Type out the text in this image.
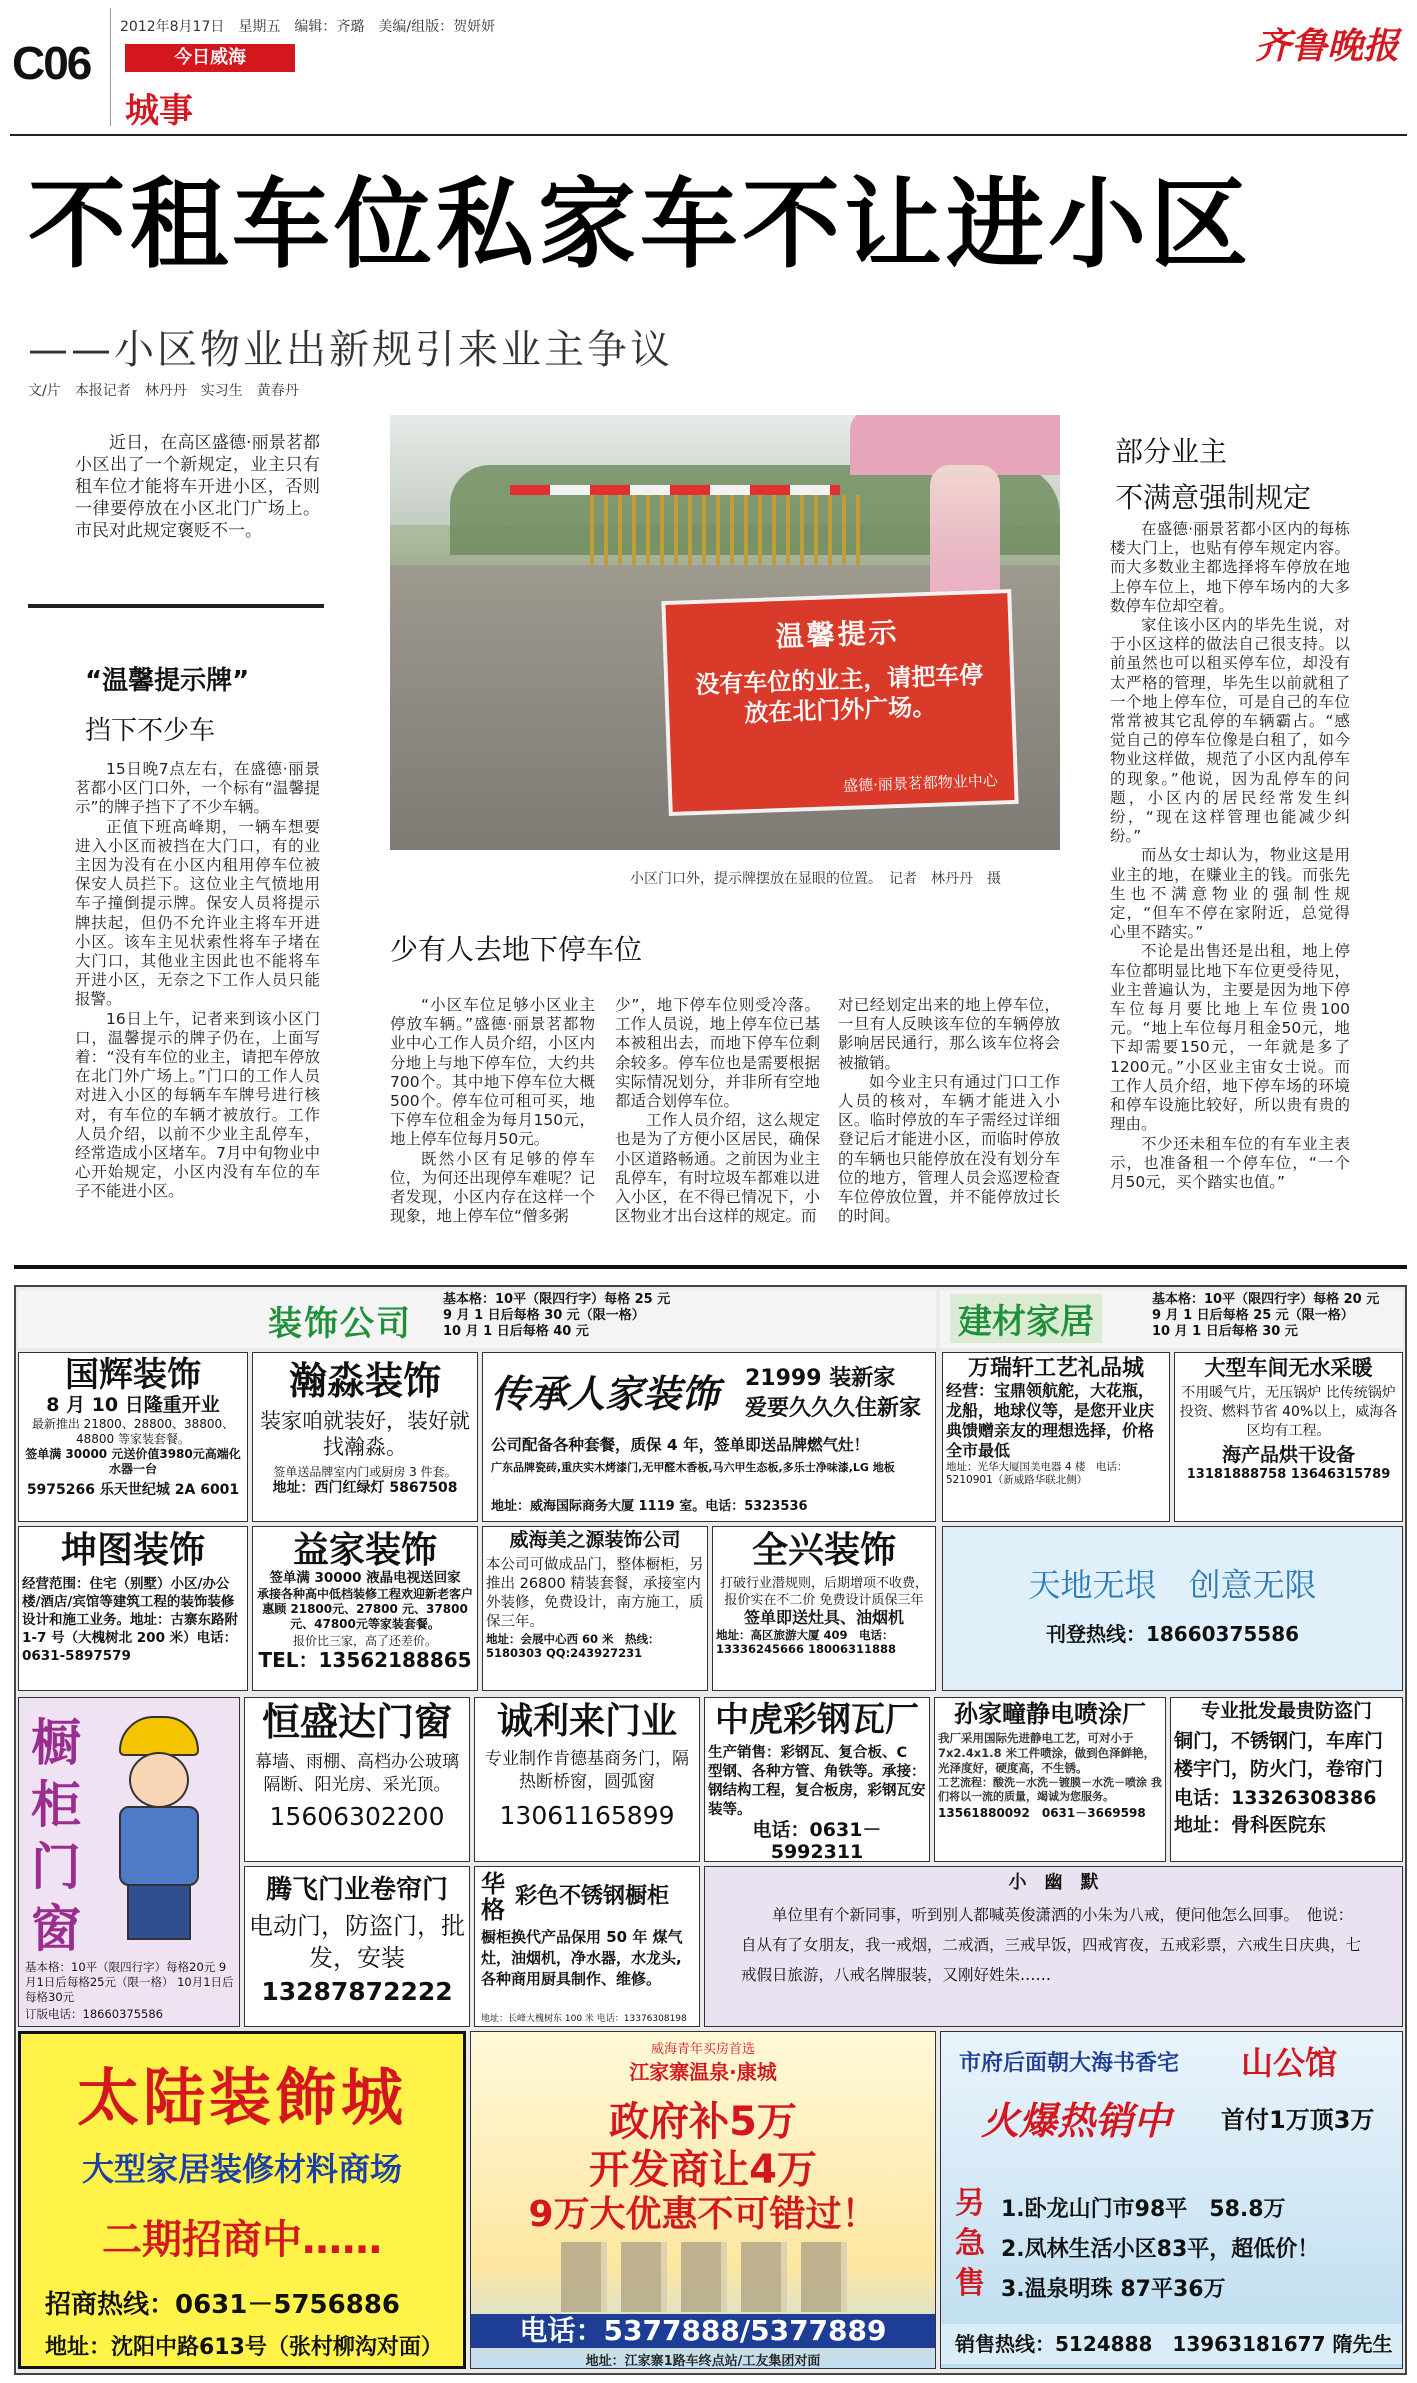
C06
2012年8月17日　星期五　编辑：齐璐　美编/组版：贺妍妍
今日威海
城事
齐鲁晚报
不租车位私家车不让进小区
——小区物业出新规引来业主争议
文/片　本报记者　林丹丹　实习生　黄春丹

近日，在高区盛德·丽景茗都小区出了一个新规定，业主只有租车位才能将车开进小区，否则一律要停放在小区北门广场上。市民对此规定褒贬不一。

“温馨提示牌”
挡下不少车

15日晚7点左右，在盛德·丽景茗都小区门口外，一个标有“温馨提示”的牌子挡下了不少车辆。

正值下班高峰期，一辆车想要进入小区而被挡在大门口，有的业主因为没有在小区内租用停车位被保安人员拦下。这位业主气愤地用车子撞倒提示牌。保安人员将提示牌扶起，但仍不允许业主将车开进小区。该车主见状索性将车子堵在大门口，其他业主因此也不能将车开进小区，无奈之下工作人员只能报警。

16日上午，记者来到该小区门口，温馨提示的牌子仍在，上面写着：“没有车位的业主，请把车停放在北门外广场上。”门口的工作人员对进入小区的每辆车车牌号进行核对，有车位的车辆才被放行。工作人员介绍，以前不少业主乱停车，经常造成小区堵车。7月中旬物业中心开始规定，小区内没有车位的车子不能进小区。

温馨提示
没有车位的业主，请把车停放在北门外广场。
盛德·丽景茗都物业中心
小区门口外，提示牌摆放在显眼的位置。　记者　林丹丹　摄
少有人去地下停车位

“小区车位足够小区业主停放车辆。”盛德·丽景茗都物业中心工作人员介绍，小区内分地上与地下停车位，大约共700个。其中地下停车位大概500个。停车位可租可买，地下停车位租金为每月150元，地上停车位每月50元。

既然小区有足够的停车位，为何还出现停车难呢？记者发现，小区内存在这样一个现象，地上停车位“僧多粥

少”，地下停车位则受冷落。工作人员说，地上停车位已基本被租出去，而地下停车位剩余较多。停车位也是需要根据实际情况划分，并非所有空地都适合划停车位。

工作人员介绍，这么规定也是为了方便小区居民，确保小区道路畅通。之前因为业主乱停车，有时垃圾车都难以进入小区，在不得已情况下，小区物业才出台这样的规定。而

对已经划定出来的地上停车位，一旦有人反映该车位的车辆停放影响居民通行，那么该车位将会被撤销。

如今业主只有通过门口工作人员的核对，车辆才能进入小区。临时停放的车子需经过详细登记后才能进小区，而临时停放的车辆也只能停放在没有划分车位的地方，管理人员会巡逻检查车位停放位置，并不能停放过长的时间。

部分业主
不满意强制规定

在盛德·丽景茗都小区内的每栋楼大门上，也贴有停车规定内容。而大多数业主都选择将车停放在地上停车位上，地下停车场内的大多数停车位却空着。

家住该小区内的毕先生说，对于小区这样的做法自己很支持。以前虽然也可以租买停车位，却没有太严格的管理，毕先生以前就租了一个地上停车位，可是自己的车位常常被其它乱停的车辆霸占。“感觉自己的停车位像是白租了，如今物业这样做，规范了小区内乱停车的现象。”他说，因为乱停车的问题，小区内的居民经常发生纠纷，“现在这样管理也能减少纠纷。”

而丛女士却认为，物业这是用业主的地，在赚业主的钱。而张先生也不满意物业的强制性规定，“但车不停在家附近，总觉得心里不踏实。”

不论是出售还是出租，地上停车位都明显比地下车位更受待见，业主普遍认为，主要是因为地下停车位每月要比地上车位贵100元。“地上车位每月租金50元，地下却需要150元，一年就是多了1200元。”小区业主宙女士说。而工作人员介绍，地下停车场的环境和停车设施比较好，所以贵有贵的理由。

不少还未租车位的有车业主表示，也准备租一个停车位，“一个月50元，买个踏实也值。”

装饰公司
基本格：10平（限四行字）每格 25 元
9 月 1 日后每格 30 元（限一格）
10 月 1 日后每格 40 元	建材家居
基本格：10平（限四行字）每格 20 元
9 月 1 日后每格 25 元（限一格）
10 月 1 日后每格 30 元
国辉装饰
8 月 10 日隆重开业
最新推出 21800、28800、38800、48800 等家装套餐。
签单满 30000 元送价值3980元高端化水器一台
5975266 乐天世纪城 2A 6001
瀚淼装饰
装家咱就装好，装好就找瀚淼。
签单送品牌室内门或厨房 3 件套。
地址：西门红绿灯 5867508
传承人家装饰 21999 装新家
爱要久久久住新家
公司配备各种套餐，质保 4 年，签单即送品牌燃气灶！
广东品牌瓷砖,重庆实木烤漆门,无甲醛木香板,马六甲生态板,多乐士净味漆,LG 地板
地址：威海国际商务大厦 1119 室。电话：5323536
万瑞轩工艺礼品城
经营：宝鼎领航舵，大花瓶，龙船，地球仪等，是您开业庆典馈赠亲友的理想选择，价格全市最低
地址：光华大厦国美电器 4 楼　电话：5210901（新威路华联北侧）
大型车间无水采暖
不用暖气片，无压锅炉 比传统锅炉投资、燃料节省 40%以上，威海各区均有工程。
海产品烘干设备
13181888758 13646315789
坤图装饰
经营范围：住宅（别墅）小区/办公楼/酒店/宾馆等建筑工程的装饰装修设计和施工业务。地址：古寨东路附 1-7 号（大槐树北 200 米）电话：0631-5897579
益家装饰
签单满 30000 液晶电视送回家
承接各种高中低档装修工程欢迎新老客户惠顾 21800元、27800 元、37800元、47800元等家装套餐。
报价比三家，高了还差价。
TEL：13562188865
威海美之源装饰公司
本公司可做成品门，整体橱柜，另推出 26800 精装套餐，承接室内外装修，免费设计，南方施工，质保三年。
地址：会展中心西 60 米　热线：5180303 QQ:243927231
全兴装饰
打破行业潜规则，后期增项不收费，报价实在不二价 免费设计质保三年
签单即送灶具、油烟机
地址：高区旅游大厦 409　电话：13336245666 18006311888
天地无垠　创意无限
刊登热线：18660375586
橱柜门窗
基本格：10平（限四行字）每格20元 9月1日后每格25元（限一格） 10月1日后每格30元
订版电话：18660375586
恒盛达门窗
幕墙、雨棚、高档办公玻璃隔断、阳光房、采光顶。
15606302200
诚利来门业
专业制作肯德基商务门，隔热断桥窗，圆弧窗
13061165899
中虎彩钢瓦厂
生产销售：彩钢瓦、复合板、C 型钢、各种方管、角铁等。承接：钢结构工程，复合板房，彩钢瓦安装等。
电话：0631－5992311
孙家疃静电喷涂厂
我厂采用国际先进静电工艺，可对小于7x2.4x1.8 米工件喷涂，做到色泽鲜艳，光泽度好，硬度高，不生锈。
工艺流程：酸洗－水洗－镀膜－水洗－喷涂 我们将以一流的质量，竭诚为您服务。
13561880092　0631－3669598
专业批发最贵防盗门
铜门，不锈钢门，车库门 楼宇门，防火门，卷帘门
电话：13326308386
地址：骨科医院东
腾飞门业卷帘门
电动门，防盗门，批发，安装
13287872222
华格 彩色不锈钢橱柜
橱柜换代产品保用 50 年 煤气灶，油烟机，净水器，水龙头,各种商用厨具制作、维修。
地址：长峰大槐树东 100 米 电话：13376308198
小　幽　默
单位里有个新同事，听到别人都喊英俊潇洒的小朱为八戒，便问他怎么回事。　他说：自从有了女朋友，我一戒烟，二戒酒，三戒早饭，四戒宵夜，五戒彩票，六戒生日庆典，七戒假日旅游，八戒名牌服装，又刚好姓朱……
太陆装飾城
大型家居装修材料商场
二期招商中……
招商热线：0631－5756886
地址：沈阳中路613号（张村柳沟对面）
威海青年买房首选
江家寨温泉·康城
政府补5万
开发商让4万
9万大优惠不可错过！
电话：5377888/5377889
地址：江家寨1路车终点站/工友集团对面
市府后面朝大海书香宅 山公馆
火爆热销中 首付1万顶3万
另急售
1.卧龙山门市98平　58.8万
2.凤林生活小区83平，超低价！
3.温泉明珠 87平36万
销售热线：5124888　13963181677 隋先生
